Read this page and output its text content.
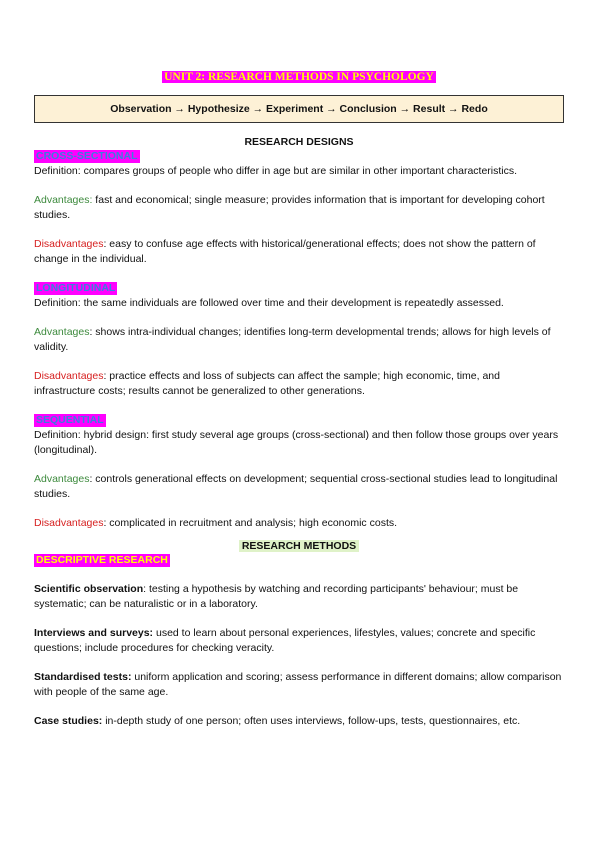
UNIT 2: RESEARCH METHODS IN PSYCHOLOGY
Observation → Hypothesize → Experiment → Conclusion → Result → Redo

RESEARCH DESIGNS

CROSS-SECTIONAL

Definition: compares groups of people who differ in age but are similar in other important characteristics.

Advantages: fast and economical; single measure; provides information that is important for developing cohort studies.

Disadvantages: easy to confuse age effects with historical/generational effects; does not show the pattern of change in the individual.

LONGITUDINAL

Definition: the same individuals are followed over time and their development is repeatedly assessed.

Advantages: shows intra-individual changes; identifies long-term developmental trends; allows for high levels of validity.

Disadvantages: practice effects and loss of subjects can affect the sample; high economic, time, and infrastructure costs; results cannot be generalized to other generations.

SEQUENTIAL

Definition: hybrid design: first study several age groups (cross-sectional) and then follow those groups over years (longitudinal).

Advantages: controls generational effects on development; sequential cross-sectional studies lead to longitudinal studies.

Disadvantages: complicated in recruitment and analysis; high economic costs.

RESEARCH METHODS

DESCRIPTIVE RESEARCH

Scientific observation: testing a hypothesis by watching and recording participants' behaviour; must be systematic; can be naturalistic or in a laboratory.

Interviews and surveys: used to learn about personal experiences, lifestyles, values; concrete and specific questions; include procedures for checking veracity.

Standardised tests: uniform application and scoring; assess performance in different domains; allow comparison with people of the same age.

Case studies: in-depth study of one person; often uses interviews, follow-ups, tests, questionnaires, etc.
